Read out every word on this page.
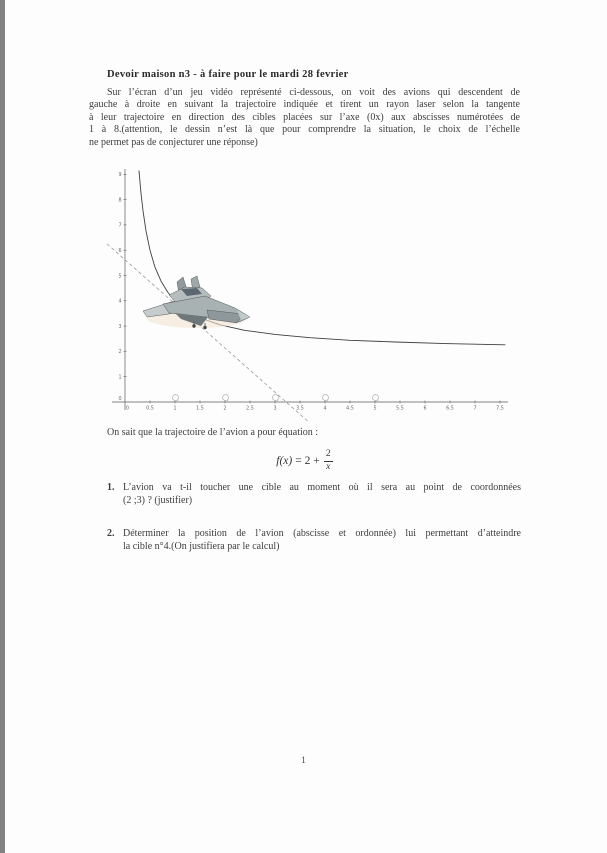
Devoir maison n3 - à faire pour le mardi 28 fevrier
Sur l’écran d’un jeu vidéo représenté ci-dessous, on voit des avions qui descendent de
gauche à droite en suivant la trajectoire indiquée et tirent un rayon laser selon la tangente
à leur trajectoire en direction des cibles placées sur l’axe (0x) aux abscisses numérotées de
1 à 8.(attention, le dessin n’est là que pour comprendre la situation, le choix de l’échelle
ne permet pas de conjecturer une réponse)
0	0.5	1	1.5	2	2.5	3	3.5	4	4.5	5	5.5	6	6.5	7	7.5
0
1
2
3
4
5
6
7
8
9
On sait que la trajectoire de l’avion a pour équation :
$f(x) = 2 + \frac{2}{x}$
1. L’avion va t-il toucher une cible au moment où il sera au point de coordonnées
(2 ;3) ? (justifier)
2. Déterminer la position de l’avion (abscisse et ordonnée) lui permettant d’atteindre
la cible n°4.(On justifiera par le calcul)
1
